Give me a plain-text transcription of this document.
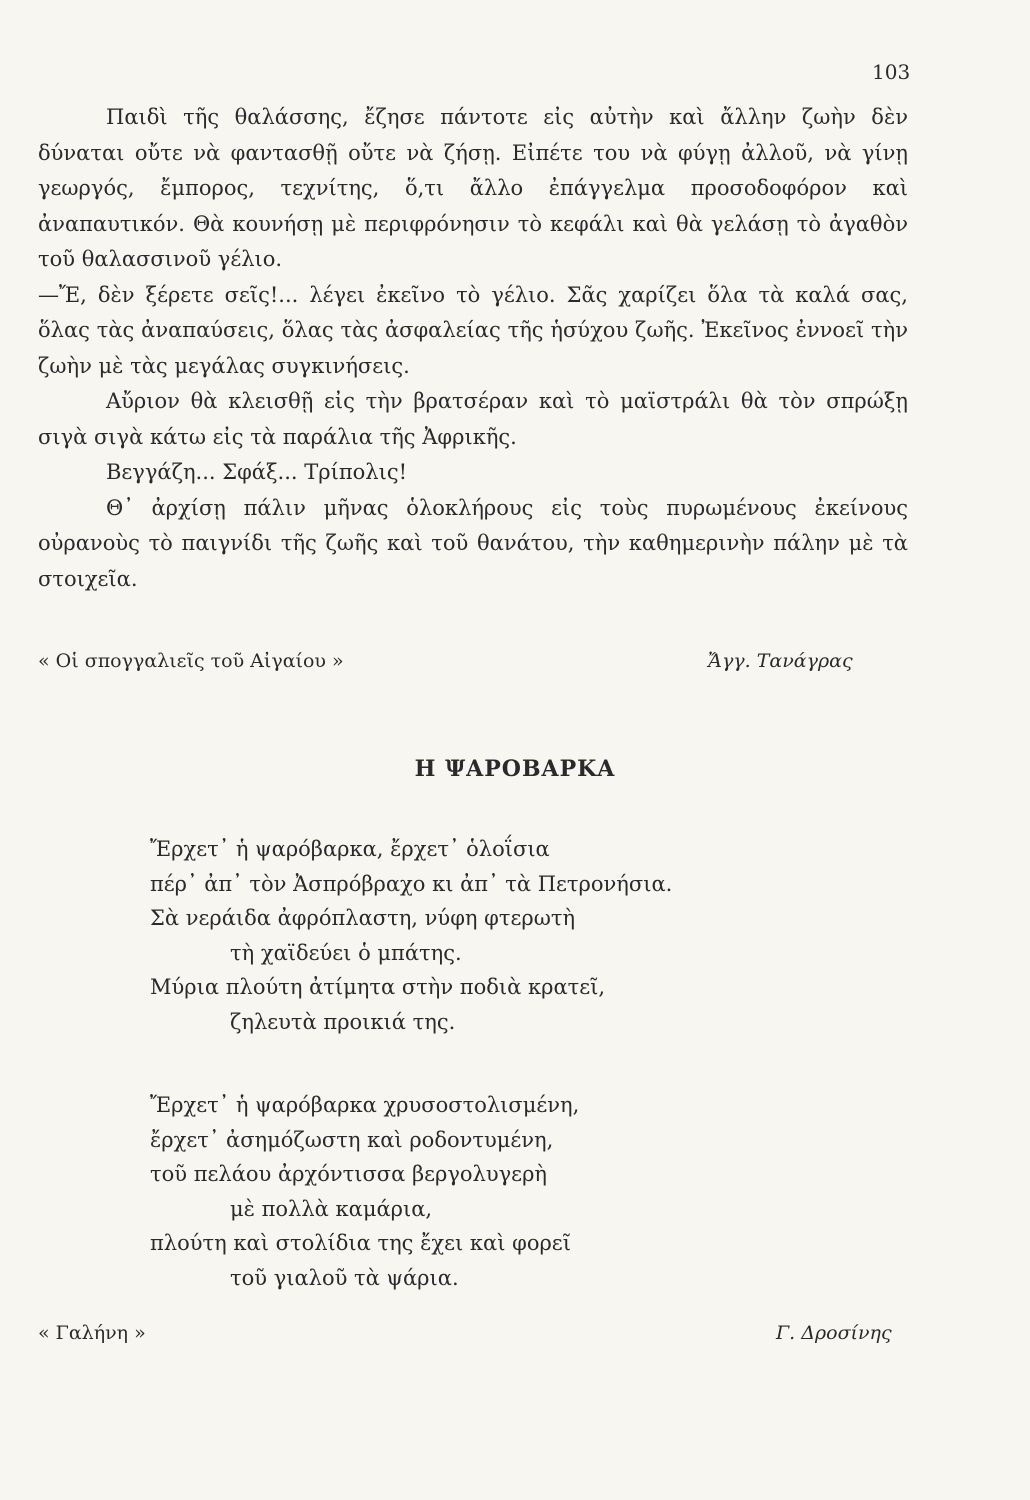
103

Παιδὶ τῆς θαλάσσης, ἔζησε πάντοτε εἰς αὐτὴν καὶ ἄλλην ζωὴν δὲν δύναται οὔτε νὰ φαντασθῇ οὔτε νὰ ζήσῃ. Εἰπέτε του νὰ φύγῃ ἀλλοῦ, νὰ γίνῃ γεωργός, ἔμπορος, τεχνίτης, ὅ,τι ἄλλο ἐπάγγελμα προσοδοφόρον καὶ ἀναπαυτικόν. Θὰ κουνήσῃ μὲ περιφρόνησιν τὸ κεφάλι καὶ θὰ γελάσῃ τὸ ἀγαθὸν τοῦ θαλασσινοῦ γέλιο.

—Ἔ, δὲν ξέρετε σεῖς!... λέγει ἐκεῖνο τὸ γέλιο. Σᾶς χαρίζει ὅλα τὰ καλά σας, ὅλας τὰς ἀναπαύσεις, ὅλας τὰς ἀσφαλείας τῆς ἡσύχου ζωῆς. Ἐκεῖνος ἐννοεῖ τὴν ζωὴν μὲ τὰς μεγάλας συγκινήσεις.

Αὔριον θὰ κλεισθῇ εἰς τὴν βρατσέραν καὶ τὸ μαϊστράλι θὰ τὸν σπρώξῃ σιγὰ σιγὰ κάτω εἰς τὰ παράλια τῆς Ἀφρικῆς.

Βεγγάζη... Σφάξ... Τρίπολις!

Θ᾽ ἀρχίσῃ πάλιν μῆνας ὁλοκλήρους εἰς τοὺς πυρωμένους ἐκείνους οὐρανοὺς τὸ παιγνίδι τῆς ζωῆς καὶ τοῦ θανάτου, τὴν καθημερινὴν πάλην μὲ τὰ στοιχεῖα.

« Οἱ σπογγαλιεῖς τοῦ Αἰγαίου »	Ἄγγ. Τανάγρας
Η ΨΑΡΟΒΑΡΚΑ
Ἔρχετ᾽ ἡ ψαρόβαρκα, ἔρχετ᾽ ὁλοΐσια
πέρ᾽ ἀπ᾽ τὸν Ἀσπρόβραχο κι ἀπ᾽ τὰ Πετρονήσια.
Σὰ νεράιδα ἀφρόπλαστη, νύφη φτερωτὴ
τὴ χαϊδεύει ὁ μπάτης.
Μύρια πλούτη ἀτίμητα στὴν ποδιὰ κρατεῖ,
ζηλευτὰ προικιά της.
Ἔρχετ᾽ ἡ ψαρόβαρκα χρυσοστολισμένη,
ἔρχετ᾽ ἀσημόζωστη καὶ ροδοντυμένη,
τοῦ πελάου ἀρχόντισσα βεργολυγερὴ
μὲ πολλὰ καμάρια,
πλούτη καὶ στολίδια της ἔχει καὶ φορεῖ
τοῦ γιαλοῦ τὰ ψάρια.
« Γαλήνη »	Γ. Δροσίνης
